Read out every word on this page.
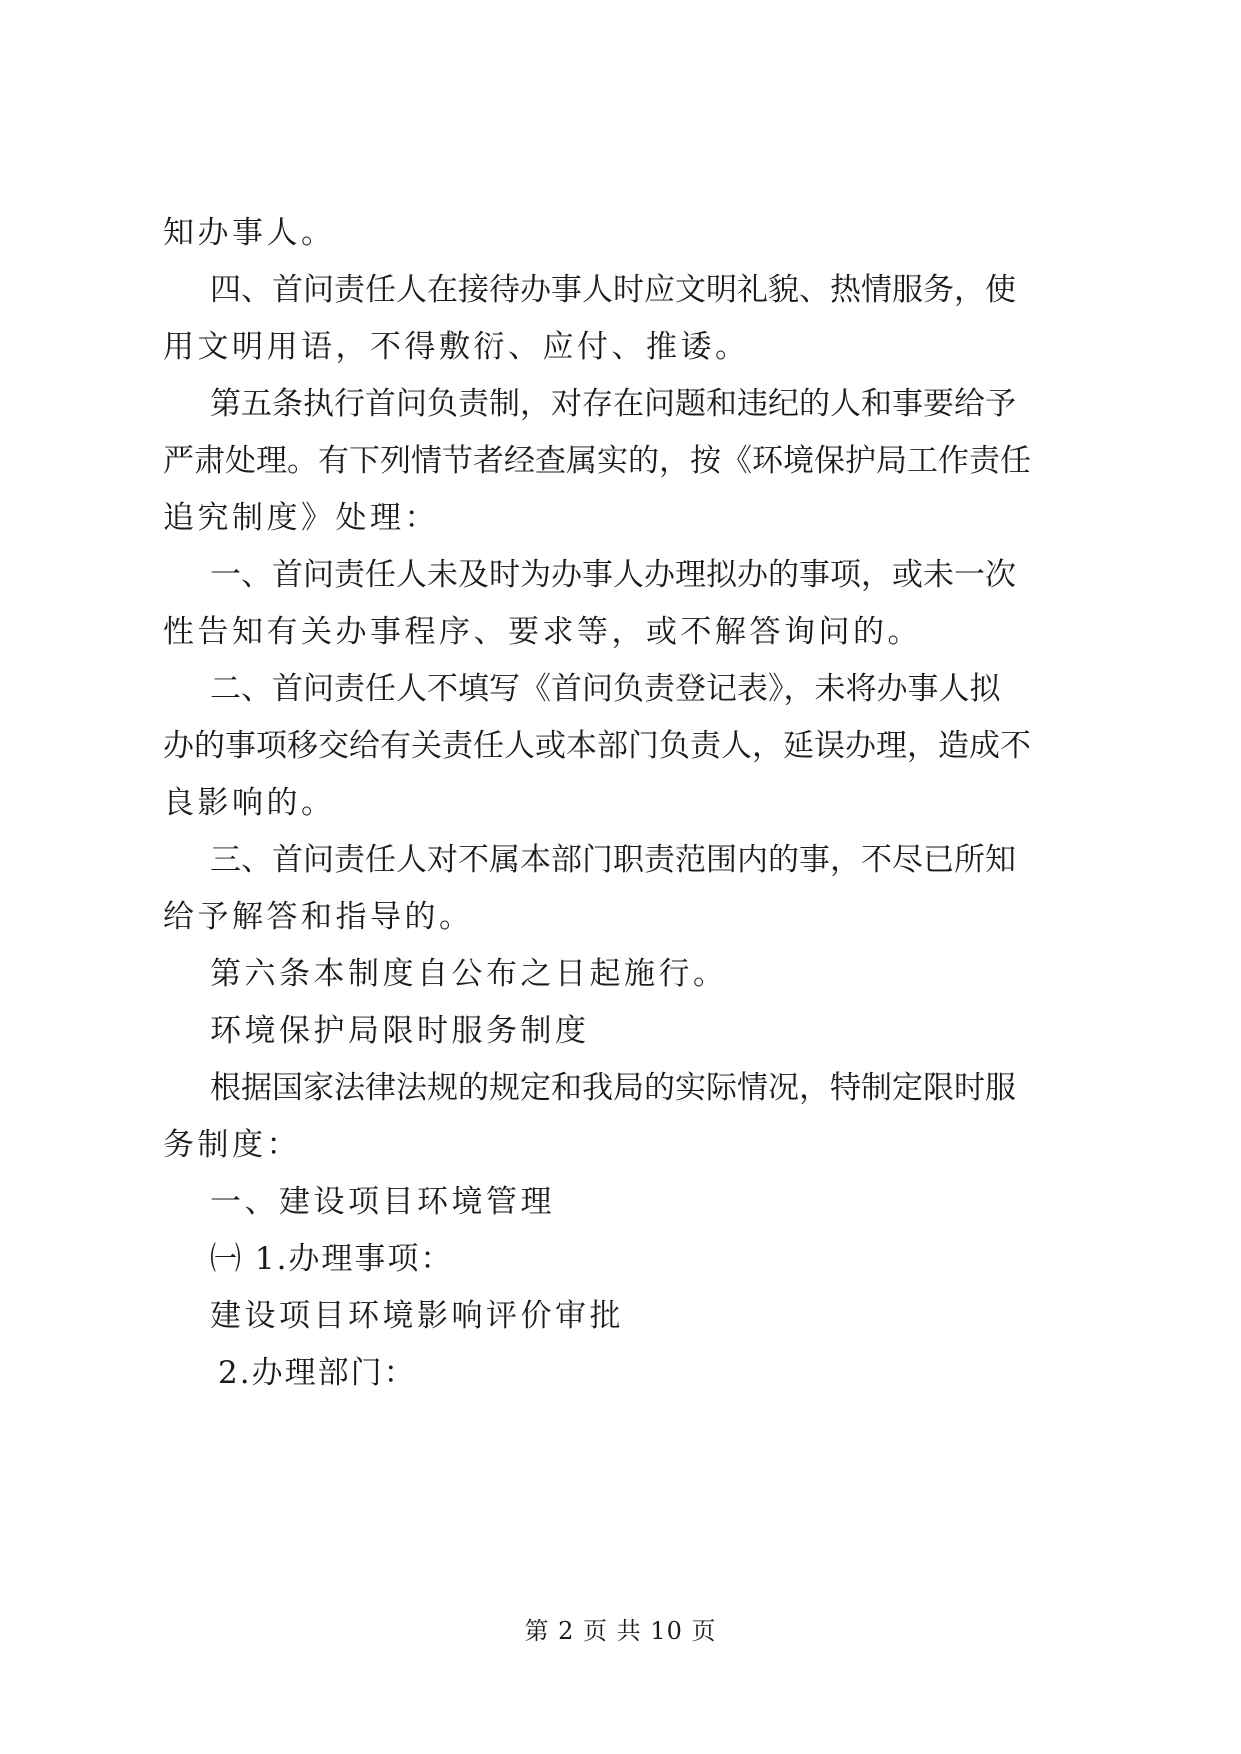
知办事人。
四、首问责任人在接待办事人时应文明礼貌、热情服务，使
用文明用语，不得敷衍、应付、推诿。
第五条执行首问负责制，对存在问题和违纪的人和事要给予
严肃处理。有下列情节者经查属实的，按《环境保护局工作责任
追究制度》处理：
一、首问责任人未及时为办事人办理拟办的事项，或未一次
性告知有关办事程序、要求等，或不解答询问的。
二、首问责任人不填写《首问负责登记表》，未将办事人拟
办的事项移交给有关责任人或本部门负责人，延误办理，造成不
良影响的。
三、首问责任人对不属本部门职责范围内的事，不尽已所知
给予解答和指导的。
第六条本制度自公布之日起施行。
环境保护局限时服务制度
根据国家法律法规的规定和我局的实际情况，特制定限时服
务制度：
一、建设项目环境管理
㈠ 1.办理事项：
建设项目环境影响评价审批
2.办理部门：
第 2 页 共 10 页
